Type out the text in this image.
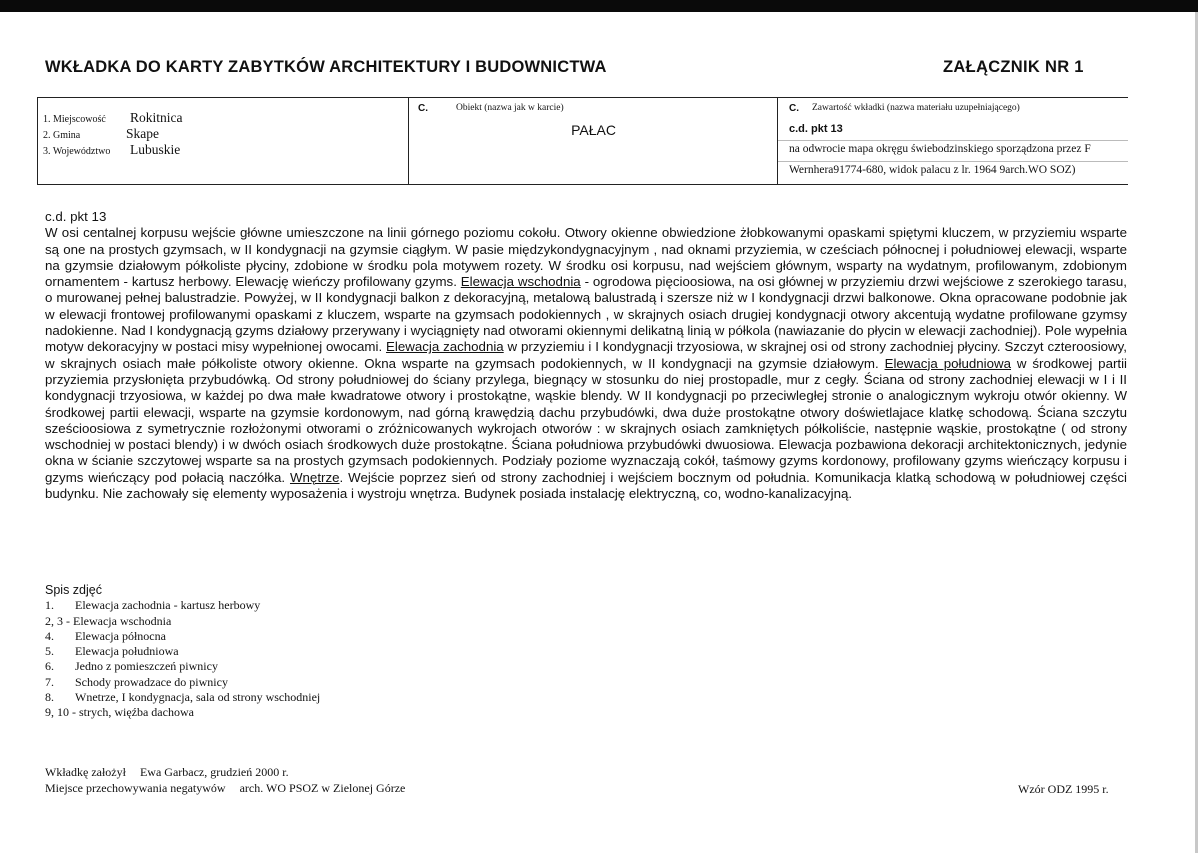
WKŁADKA DO KARTY ZABYTKÓW ARCHITEKTURY I BUDOWNICTWA	ZAŁĄCZNIK NR 1
1. Miejscowość Rokitnica
2. Gmina	Skape
3. Województwo Lubuskie
C.	Obiekt (nazwa jak w karcie)
PAŁAC
C. Zawartość wkładki (nazwa materiału uzupełniającego)
c.d. pkt 13
na odwrocie mapa okręgu świebodzinskiego sporządzona przez F
Wernhera91774-680, widok palacu z lr. 1964 9arch.WO SOZ)

c.d. pkt 13

W osi centalnej korpusu wejście główne umieszczone na linii górnego poziomu cokołu. Otwory okienne obwiedzione żłobkowanymi opaskami spiętymi kluczem, w przyziemiu wsparte są one na prostych gzymsach, w II kondygnacji na gzymsie ciągłym. W pasie międzykondygnacyjnym , nad oknami przyziemia, w cześciach północnej i południowej elewacji, wsparte na gzymsie działowym półkoliste płyciny, zdobione w środku pola motywem rozety. W środku osi korpusu, nad wejściem głównym, wsparty na wydatnym, profilowanym, zdobionym ornamentem - kartusz herbowy. Elewację wieńczy profilowany gzyms. Elewacja wschodnia - ogrodowa pięcioosiowa, na osi głównej w przyziemiu drzwi wejściowe z szerokiego tarasu, o murowanej pełnej balustradzie. Powyżej, w II kondygnacji balkon z dekoracyjną, metalową balustradą i szersze niż w I kondygnacji drzwi balkonowe. Okna opracowane podobnie jak w elewacji frontowej profilowanymi opaskami z kluczem, wsparte na gzymsach podokiennych , w skrajnych osiach drugiej kondygnacji otwory akcentują wydatne profilowane gzymsy nadokienne. Nad I kondygnacją gzyms działowy przerywany i wyciągnięty nad otworami okiennymi delikatną linią w półkola (nawiazanie do płycin w elewacji zachodniej). Pole wypełnia motyw dekoracyjny w postaci misy wypełnionej owocami. Elewacja zachodnia w przyziemiu i I kondygnacji trzyosiowa, w skrajnej osi od strony zachodniej płyciny. Szczyt czteroosiowy, w skrajnych osiach małe półkoliste otwory okienne. Okna wsparte na gzymsach podokiennych, w II kondygnacji na gzymsie działowym. Elewacja południowa w środkowej partii przyziemia przysłonięta przybudówką. Od strony południowej do ściany przylega, biegnący w stosunku do niej prostopadle, mur z cegły. Ściana od strony zachodniej elewacji w I i II kondygnacji trzyosiowa, w każdej po dwa małe kwadratowe otwory i prostokątne, wąskie blendy. W II kondygnacji po przeciwległej stronie o analogicznym wykroju otwór okienny. W środkowej partii elewacji, wsparte na gzymsie kordonowym, nad górną krawędzią dachu przybudówki, dwa duże prostokątne otwory doświetlajace klatkę schodową. Ściana szczytu sześcioosiowa z symetrycznie rozłożonymi otworami o zróżnicowanych wykrojach otworów : w skrajnych osiach zamkniętych półkoliście, następnie wąskie, prostokątne ( od strony wschodniej w postaci blendy) i w dwóch osiach środkowych duże prostokątne. Ściana południowa przybudówki dwuosiowa. Elewacja pozbawiona dekoracji architektonicznych, jedynie okna w ścianie szczytowej wsparte sa na prostych gzymsach podokiennych. Podziały poziome wyznaczają cokół, taśmowy gzyms kordonowy, profilowany gzyms wieńczący korpusu i gzyms wieńczący pod połacią naczółka. Wnętrze. Wejście poprzez sień od strony zachodniej i wejściem bocznym od południa. Komunikacja klatką schodową w południowej części budynku. Nie zachowały się elementy wyposażenia i wystroju wnętrza. Budynek posiada instalację elektryczną, co, wodno-kanalizacyjną.

Spis zdjęć
1. Elewacja zachodnia - kartusz herbowy
2, 3 - Elewacja wschodnia
4. Elewacja północna
5. Elewacja południowa
6. Jedno z pomieszczeń piwnicy
7. Schody prowadzace do piwnicy
8. Wnetrze, I kondygnacja, sala od strony wschodniej
9, 10 - strych, więźba dachowa
Wkładkę założył Ewa Garbacz, grudzień 2000 r.
Miejsce przechowywania negatywów arch. WO PSOZ w Zielonej Górze	Wzór ODZ 1995 r.
